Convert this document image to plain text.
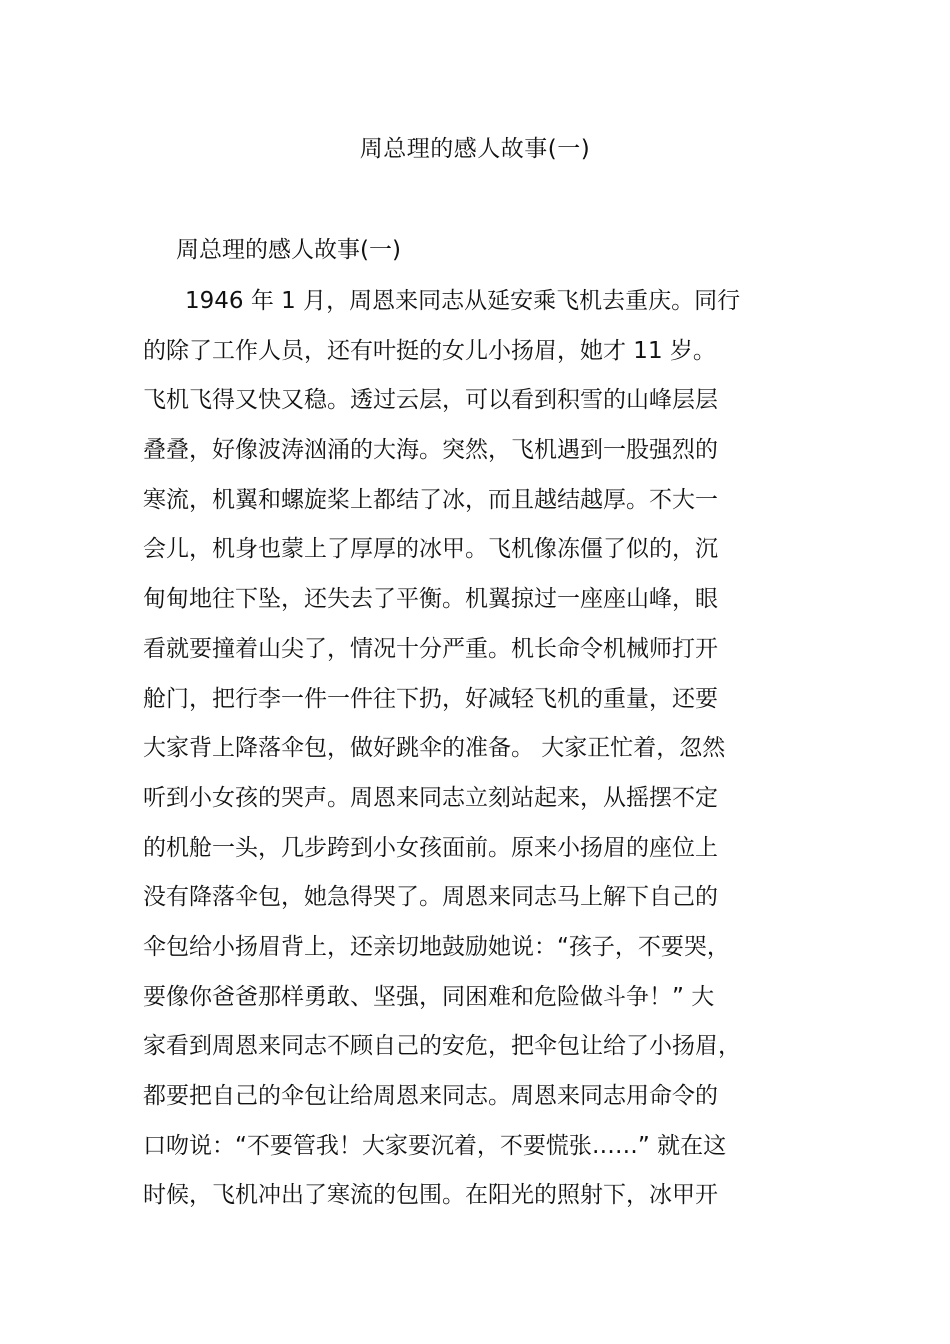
周总理的感人故事(一)
周总理的感人故事(一)
1946 年 1 月，周恩来同志从延安乘飞机去重庆。同行
的除了工作人员，还有叶挺的女儿小扬眉，她才 11 岁。
飞机飞得又快又稳。透过云层，可以看到积雪的山峰层层
叠叠，好像波涛汹涌的大海。突然，飞机遇到一股强烈的
寒流，机翼和螺旋桨上都结了冰，而且越结越厚。不大一
会儿，机身也蒙上了厚厚的冰甲。飞机像冻僵了似的，沉
甸甸地往下坠，还失去了平衡。机翼掠过一座座山峰，眼
看就要撞着山尖了，情况十分严重。机长命令机械师打开
舱门，把行李一件一件往下扔，好减轻飞机的重量，还要
大家背上降落伞包，做好跳伞的准备。 大家正忙着，忽然
听到小女孩的哭声。周恩来同志立刻站起来，从摇摆不定
的机舱一头，几步跨到小女孩面前。原来小扬眉的座位上
没有降落伞包，她急得哭了。周恩来同志马上解下自己的
伞包给小扬眉背上，还亲切地鼓励她说：“孩子，不要哭，
要像你爸爸那样勇敢、坚强，同困难和危险做斗争！” 大
家看到周恩来同志不顾自己的安危，把伞包让给了小扬眉，
都要把自己的伞包让给周恩来同志。周恩来同志用命令的
口吻说：“不要管我！大家要沉着，不要慌张……” 就在这
时候，飞机冲出了寒流的包围。在阳光的照射下，冰甲开
